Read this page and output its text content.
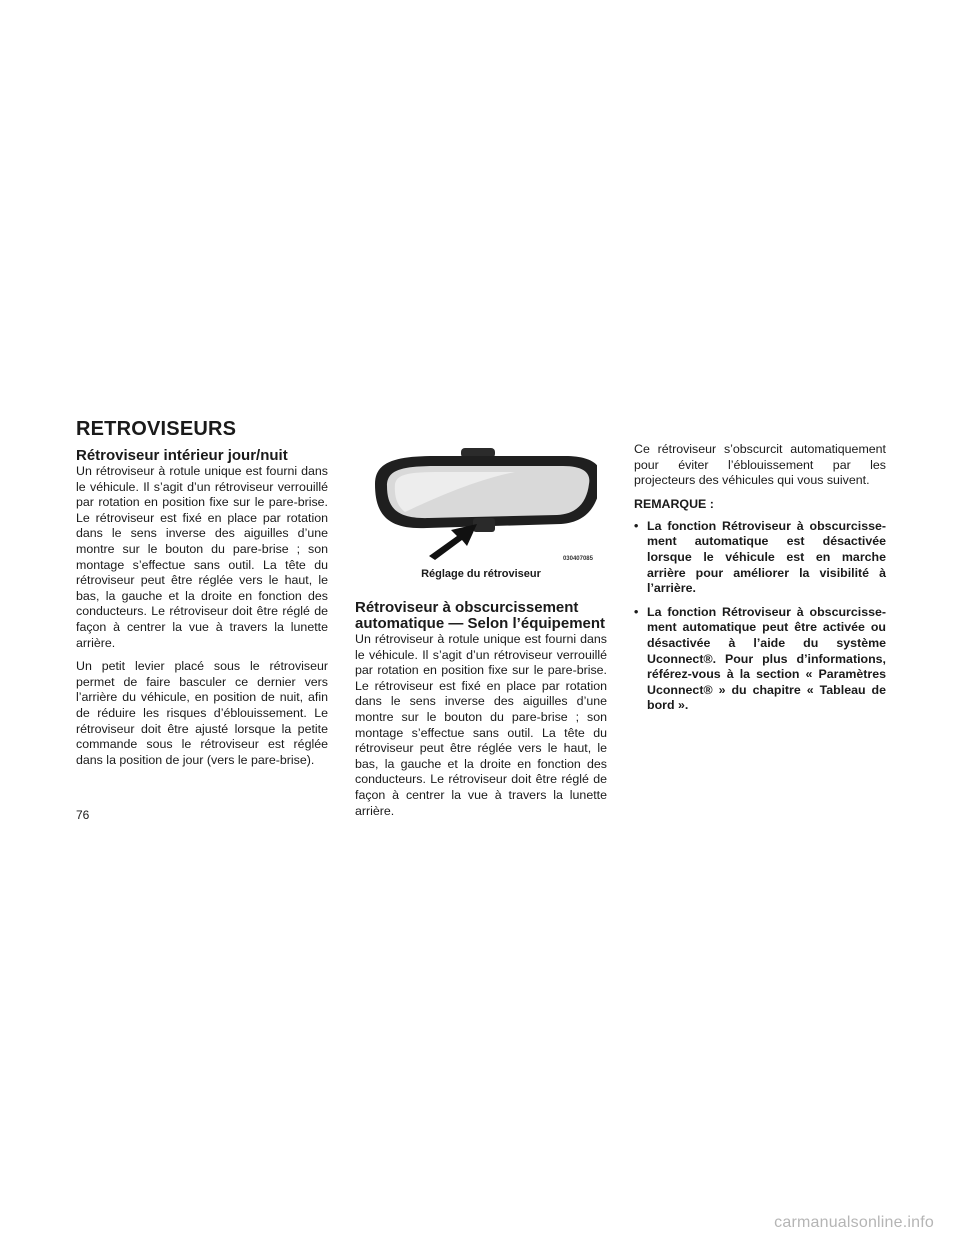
RETROVISEURS
Rétroviseur intérieur jour/nuit

Un rétroviseur à rotule unique est fourni dans le véhicule. Il s’agit d’un rétroviseur verrouillé par rotation en position fixe sur le pare-brise. Le rétroviseur est fixé en place par rotation dans le sens inverse des aiguilles d’une montre sur le bouton du pare-brise ; son montage s’effectue sans outil. La tête du rétroviseur peut être réglée vers le haut, le bas, la gauche et la droite en fonction des conducteurs. Le rétroviseur doit être réglé de façon à centrer la vue à travers la lunette arrière.

Un petit levier placé sous le rétroviseur permet de faire basculer ce dernier vers l’arrière du véhicule, en position de nuit, afin de réduire les risques d’éblouissement. Le rétroviseur doit être ajusté lorsque la petite commande sous le rétroviseur est réglée dans la position de jour (vers le pare-brise).

030407085
Réglage du rétroviseur
Rétroviseur à obscurcissement
automatique — Selon l’équipement

Un rétroviseur à rotule unique est fourni dans le véhicule. Il s’agit d’un rétroviseur verrouillé par rotation en position fixe sur le pare-brise. Le rétroviseur est fixé en place par rotation dans le sens inverse des aiguilles d’une montre sur le bouton du pare-brise ; son montage s’effectue sans outil. La tête du rétroviseur peut être réglée vers le haut, le bas, la gauche et la droite en fonction des conducteurs. Le rétroviseur doit être réglé de façon à centrer la vue à travers la lunette arrière.

Ce rétroviseur s’obscurcit automatiquement pour éviter l’éblouissement par les projecteurs des véhicules qui vous suivent.

REMARQUE :
• La fonction Rétroviseur à obscurcisse- ment automatique est désactivée lorsque le véhicule est en marche arrière pour améliorer la visibilité à l’arrière.
• La fonction Rétroviseur à obscurcisse- ment automatique peut être activée ou désactivée à l’aide du système Uconnect®. Pour plus d’informations, référez-vous à la section « Paramètres Uconnect® » du chapitre « Tableau de bord ».
76
carmanualsonline.info
